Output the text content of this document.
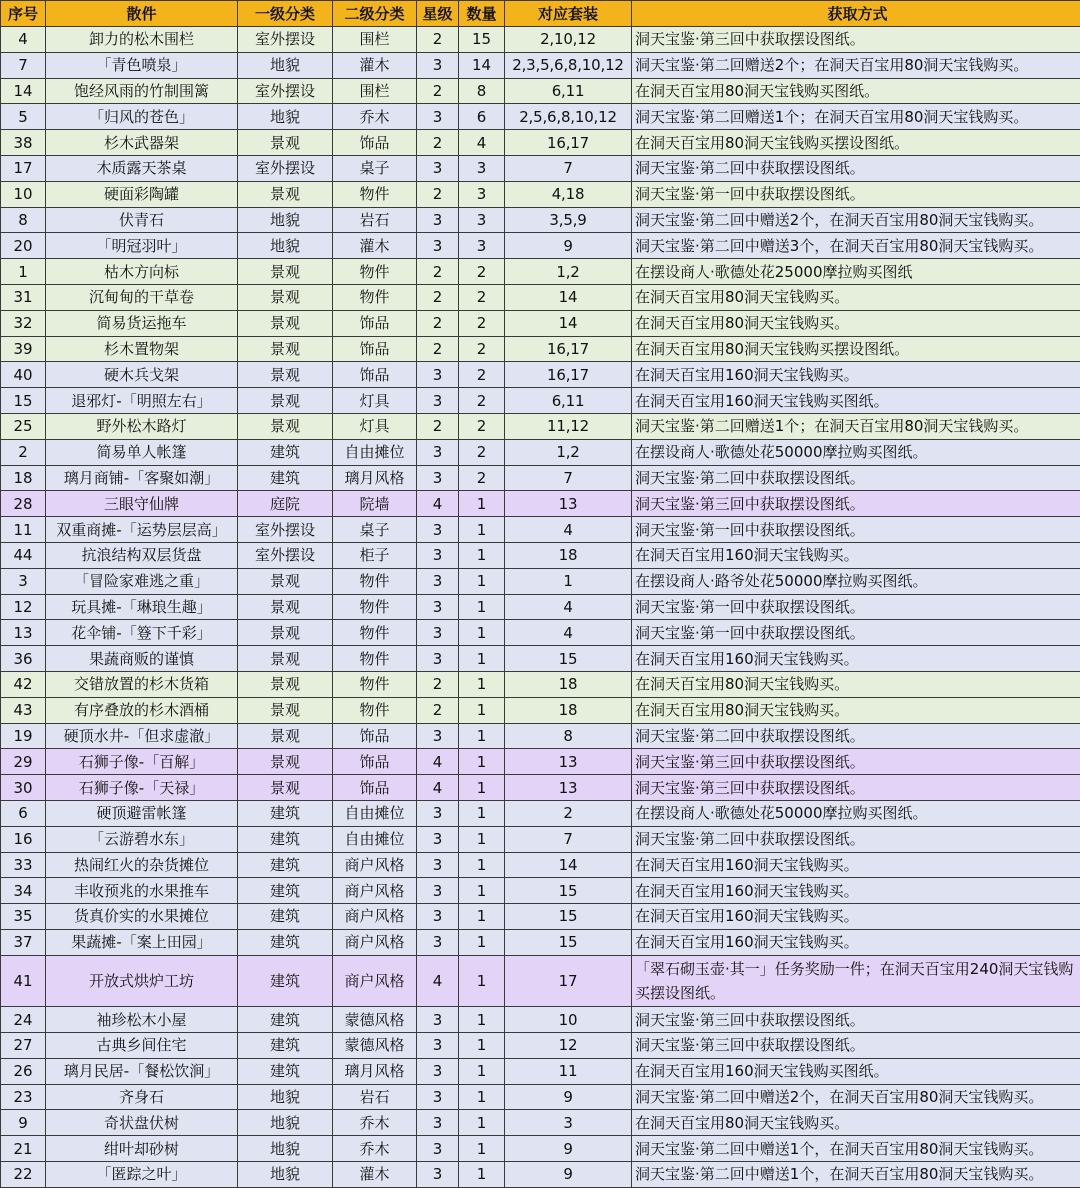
序号	散件	一级分类	二级分类	星级	数量	对应套装	获取方式
4	卸力的松木围栏	室外摆设	围栏	2	15	2,10,12	洞天宝鉴·第三回中获取摆设图纸。
7	「青色喷泉」	地貌	灌木	3	14	2,3,5,6,8,10,12	洞天宝鉴·第二回赠送2个；在洞天百宝用80洞天宝钱购买。
14	饱经风雨的竹制围篱	室外摆设	围栏	2	8	6,11	在洞天百宝用80洞天宝钱购买图纸。
5	「归风的苍色」	地貌	乔木	3	6	2,5,6,8,10,12	洞天宝鉴·第二回赠送1个；在洞天百宝用80洞天宝钱购买。
38	杉木武器架	景观	饰品	2	4	16,17	在洞天百宝用80洞天宝钱购买摆设图纸。
17	木质露天茶桌	室外摆设	桌子	3	3	7	洞天宝鉴·第二回中获取摆设图纸。
10	硬面彩陶罐	景观	物件	2	3	4,18	洞天宝鉴·第一回中获取摆设图纸。
8	伏青石	地貌	岩石	3	3	3,5,9	洞天宝鉴·第二回中赠送2个，在洞天百宝用80洞天宝钱购买。
20	「明冠羽叶」	地貌	灌木	3	3	9	洞天宝鉴·第二回中赠送3个，在洞天百宝用80洞天宝钱购买。
1	枯木方向标	景观	物件	2	2	1,2	在摆设商人·歌德处花25000摩拉购买图纸
31	沉甸甸的干草卷	景观	物件	2	2	14	在洞天百宝用80洞天宝钱购买。
32	简易货运拖车	景观	饰品	2	2	14	在洞天百宝用80洞天宝钱购买。
39	杉木置物架	景观	饰品	2	2	16,17	在洞天百宝用80洞天宝钱购买摆设图纸。
40	硬木兵戈架	景观	饰品	3	2	16,17	在洞天百宝用160洞天宝钱购买。
15	退邪灯-「明照左右」	景观	灯具	3	2	6,11	在洞天百宝用160洞天宝钱购买图纸。
25	野外松木路灯	景观	灯具	2	2	11,12	洞天宝鉴·第二回赠送1个；在洞天百宝用80洞天宝钱购买。
2	简易单人帐篷	建筑	自由摊位	3	2	1,2	在摆设商人·歌德处花50000摩拉购买图纸。
18	璃月商铺-「客聚如潮」	建筑	璃月风格	3	2	7	洞天宝鉴·第二回中获取摆设图纸。
28	三眼守仙牌	庭院	院墙	4	1	13	洞天宝鉴·第三回中获取摆设图纸。
11	双重商摊-「运势层层高」	室外摆设	桌子	3	1	4	洞天宝鉴·第一回中获取摆设图纸。
44	抗浪结构双层货盘	室外摆设	柜子	3	1	18	在洞天百宝用160洞天宝钱购买。
3	「冒险家难逃之重」	景观	物件	3	1	1	在摆设商人·路爷处花50000摩拉购买图纸。
12	玩具摊-「琳琅生趣」	景观	物件	3	1	4	洞天宝鉴·第一回中获取摆设图纸。
13	花伞铺-「簦下千彩」	景观	物件	3	1	4	洞天宝鉴·第一回中获取摆设图纸。
36	果蔬商贩的谨慎	景观	物件	3	1	15	在洞天百宝用160洞天宝钱购买。
42	交错放置的杉木货箱	景观	物件	2	1	18	在洞天百宝用80洞天宝钱购买。
43	有序叠放的杉木酒桶	景观	物件	2	1	18	在洞天百宝用80洞天宝钱购买。
19	硬顶水井-「但求虚澈」	景观	饰品	3	1	8	洞天宝鉴·第二回中获取摆设图纸。
29	石狮子像-「百解」	景观	饰品	4	1	13	洞天宝鉴·第三回中获取摆设图纸。
30	石狮子像-「天禄」	景观	饰品	4	1	13	洞天宝鉴·第三回中获取摆设图纸。
6	硬顶避雷帐篷	建筑	自由摊位	3	1	2	在摆设商人·歌德处花50000摩拉购买图纸。
16	「云游碧水东」	建筑	自由摊位	3	1	7	洞天宝鉴·第二回中获取摆设图纸。
33	热闹红火的杂货摊位	建筑	商户风格	3	1	14	在洞天百宝用160洞天宝钱购买。
34	丰收预兆的水果推车	建筑	商户风格	3	1	15	在洞天百宝用160洞天宝钱购买。
35	货真价实的水果摊位	建筑	商户风格	3	1	15	在洞天百宝用160洞天宝钱购买。
37	果蔬摊-「案上田园」	建筑	商户风格	3	1	15	在洞天百宝用160洞天宝钱购买。
41	开放式烘炉工坊	建筑	商户风格	4	1	17	「翠石砌玉壶·其一」任务奖励一件；在洞天百宝用240洞天宝钱购买摆设图纸。
24	袖珍松木小屋	建筑	蒙德风格	3	1	10	洞天宝鉴·第三回中获取摆设图纸。
27	古典乡间住宅	建筑	蒙德风格	3	1	12	洞天宝鉴·第三回中获取摆设图纸。
26	璃月民居-「餐松饮涧」	建筑	璃月风格	3	1	11	在洞天百宝用160洞天宝钱购买图纸。
23	齐身石	地貌	岩石	3	1	9	洞天宝鉴·第二回中赠送2个，在洞天百宝用80洞天宝钱购买。
9	奇状盘伏树	地貌	乔木	3	1	3	在洞天百宝用80洞天宝钱购买。
21	绀叶却砂树	地貌	乔木	3	1	9	洞天宝鉴·第二回中赠送1个，在洞天百宝用80洞天宝钱购买。
22	「匿踪之叶」	地貌	灌木	3	1	9	洞天宝鉴·第二回中赠送1个，在洞天百宝用80洞天宝钱购买。
